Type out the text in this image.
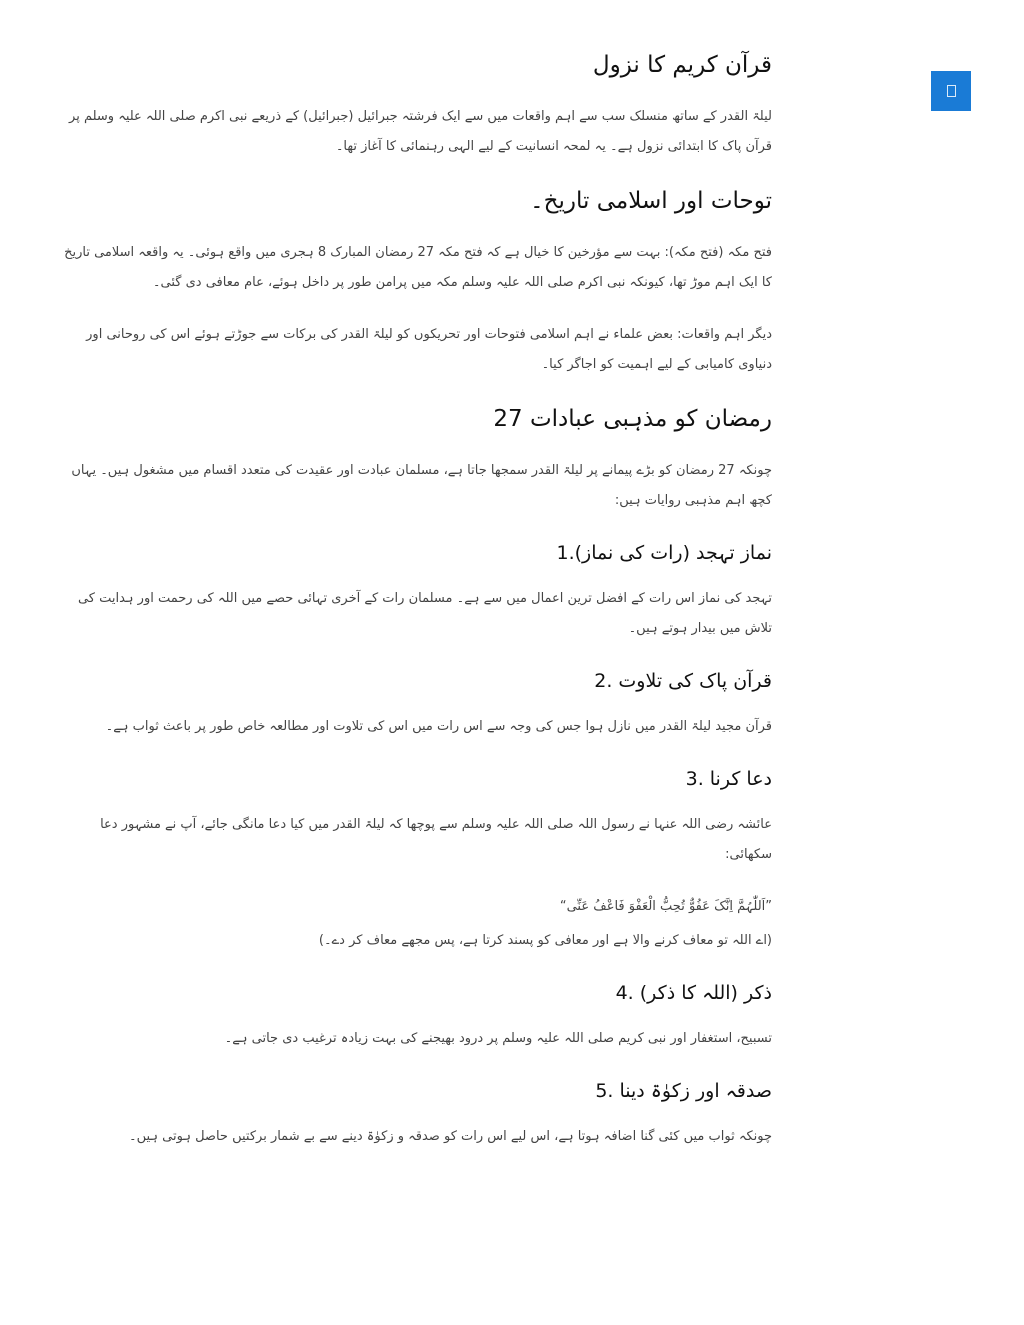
قرآن کریم کا نزول

لیلۃ القدر کے ساتھ منسلک سب سے اہم واقعات میں سے ایک فرشتہ جبرائیل (جبرائیل) کے ذریعے نبی اکرم صلی اللہ علیہ وسلم پر قرآن پاک کا ابتدائی نزول ہے۔ یہ لمحہ انسانیت کے لیے الہی رہنمائی کا آغاز تھا۔

توحات اور اسلامی تاریخ۔

فتح مکہ (فتح مکہ): بہت سے مؤرخین کا خیال ہے کہ فتح مکہ 27 رمضان المبارک 8 ہجری میں واقع ہوئی۔ یہ واقعہ اسلامی تاریخ کا ایک اہم موڑ تھا، کیونکہ نبی اکرم صلی اللہ علیہ وسلم مکہ میں پرامن طور پر داخل ہوئے، عام معافی دی گئی۔

دیگر اہم واقعات: بعض علماء نے اہم اسلامی فتوحات اور تحریکوں کو لیلۃ القدر کی برکات سے جوڑتے ہوئے اس کی روحانی اور دنیاوی کامیابی کے لیے اہمیت کو اجاگر کیا۔

رمضان کو مذہبی عبادات 27

چونکہ 27 رمضان کو بڑے پیمانے پر لیلۃ القدر سمجھا جاتا ہے، مسلمان عبادت اور عقیدت کی متعدد اقسام میں مشغول ہیں۔ یہاں کچھ اہم مذہبی روایات ہیں:

نماز تہجد (رات کی نماز).1

تہجد کی نماز اس رات کے افضل ترین اعمال میں سے ہے۔ مسلمان رات کے آخری تہائی حصے میں اللہ کی رحمت اور ہدایت کی تلاش میں بیدار ہوتے ہیں۔

قرآن پاک کی تلاوت .2

قرآن مجید لیلۃ القدر میں نازل ہوا جس کی وجہ سے اس رات میں اس کی تلاوت اور مطالعہ خاص طور پر باعث ثواب ہے۔

دعا کرنا .3

عائشہ رضی اللہ عنہا نے رسول اللہ صلی اللہ علیہ وسلم سے پوچھا کہ لیلۃ القدر میں کیا دعا مانگی جائے، آپ نے مشہور دعا سکھائی:

”اَللّٰہُمَّ اِنَّکَ عَفُوٌّ تُحِبُّ الْعَفْوَ فَاعْفُ عَنِّی“

(اے اللہ تو معاف کرنے والا ہے اور معافی کو پسند کرتا ہے، پس مجھے معاف کر دے۔)

ذکر (اللہ کا ذکر) .4

تسبیح، استغفار اور نبی کریم صلی اللہ علیہ وسلم پر درود بھیجنے کی بہت زیادہ ترغیب دی جاتی ہے۔

صدقہ اور زکوٰۃ دینا .5

چونکہ ثواب میں کئی گنا اضافہ ہوتا ہے، اس لیے اس رات کو صدقہ و زکوٰۃ دینے سے بے شمار برکتیں حاصل ہوتی ہیں۔
